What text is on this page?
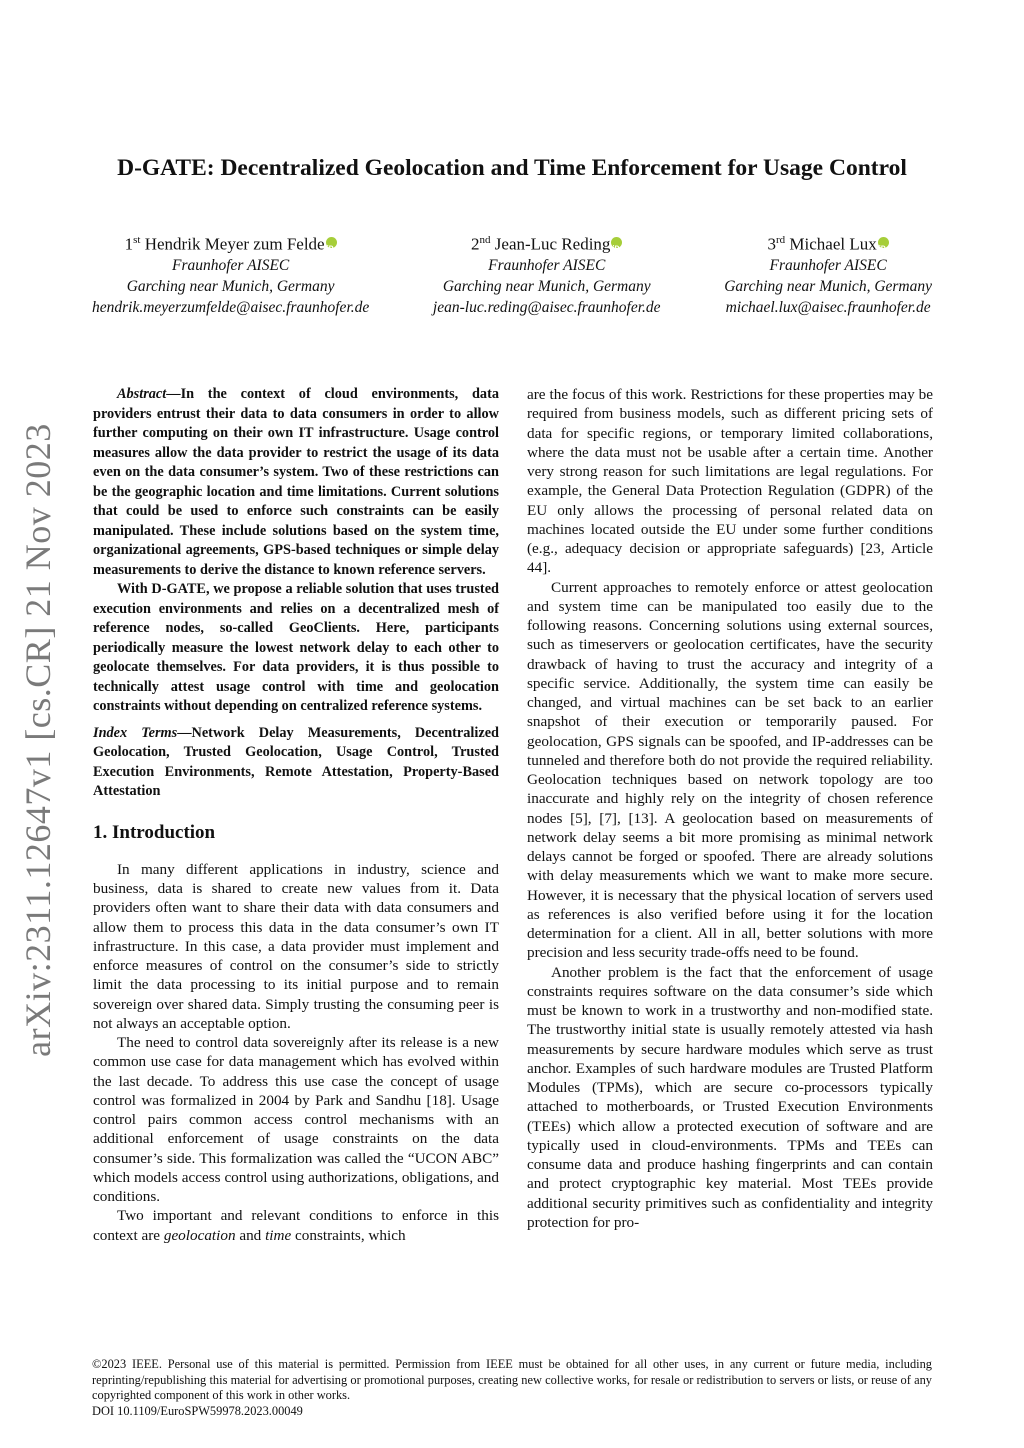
arXiv:2311.12647v1 [cs.CR] 21 Nov 2023
D-GATE: Decentralized Geolocation and Time Enforcement for Usage Control
1st Hendrik Meyer zum FeldeiD
Fraunhofer AISEC
Garching near Munich, Germany
hendrik.meyerzumfelde@aisec.fraunhofer.de
2nd Jean-Luc RedingiD
Fraunhofer AISEC
Garching near Munich, Germany
jean-luc.reding@aisec.fraunhofer.de
3rd Michael LuxiD
Fraunhofer AISEC
Garching near Munich, Germany
michael.lux@aisec.fraunhofer.de

Abstract—In the context of cloud environments, data providers entrust their data to data consumers in order to allow further computing on their own IT infrastructure. Usage control measures allow the data provider to restrict the usage of its data even on the data consumer’s system. Two of these restrictions can be the geographic location and time limitations. Current solutions that could be used to enforce such constraints can be easily manipulated. These include solutions based on the system time, organizational agreements, GPS-based techniques or simple delay measurements to derive the distance to known reference servers.

With D-GATE, we propose a reliable solution that uses trusted execution environments and relies on a decentralized mesh of reference nodes, so-called GeoClients. Here, participants periodically measure the lowest network delay to each other to geolocate themselves. For data providers, it is thus possible to technically attest usage control with time and geolocation constraints without depending on centralized reference systems.

Index Terms—Network Delay Measurements, Decentralized Geolocation, Trusted Geolocation, Usage Control, Trusted Execution Environments, Remote Attestation, Property-Based Attestation
1. Introduction

In many different applications in industry, science and business, data is shared to create new values from it. Data providers often want to share their data with data consumers and allow them to process this data in the data consumer’s own IT infrastructure. In this case, a data provider must implement and enforce measures of control on the consumer’s side to strictly limit the data processing to its initial purpose and to remain sovereign over shared data. Simply trusting the consuming peer is not always an acceptable option.

The need to control data sovereignly after its release is a new common use case for data management which has evolved within the last decade. To address this use case the concept of usage control was formalized in 2004 by Park and Sandhu [18]. Usage control pairs common access control mechanisms with an additional enforcement of usage constraints on the data consumer’s side. This formalization was called the “UCON ABC” which models access control using authorizations, obligations, and conditions.

Two important and relevant conditions to enforce in this context are geolocation and time constraints, which

are the focus of this work. Restrictions for these properties may be required from business models, such as different pricing sets of data for specific regions, or temporary limited collaborations, where the data must not be usable after a certain time. Another very strong reason for such limitations are legal regulations. For example, the General Data Protection Regulation (GDPR) of the EU only allows the processing of personal related data on machines located outside the EU under some further conditions (e.g., adequacy decision or appropriate safeguards) [23, Article 44].

Current approaches to remotely enforce or attest geolocation and system time can be manipulated too easily due to the following reasons. Concerning solutions using external sources, such as timeservers or geolocation certificates, have the security drawback of having to trust the accuracy and integrity of a specific service. Additionally, the system time can easily be changed, and virtual machines can be set back to an earlier snapshot of their execution or temporarily paused. For geolocation, GPS signals can be spoofed, and IP-addresses can be tunneled and therefore both do not provide the required reliability. Geolocation techniques based on network topology are too inaccurate and highly rely on the integrity of chosen reference nodes [5], [7], [13]. A geolocation based on measurements of network delay seems a bit more promising as minimal network delays cannot be forged or spoofed. There are already solutions with delay measurements which we want to make more secure. However, it is necessary that the physical location of servers used as references is also verified before using it for the location determination for a client. All in all, better solutions with more precision and less security trade-offs need to be found.

Another problem is the fact that the enforcement of usage constraints requires software on the data consumer’s side which must be known to work in a trustworthy and non-modified state. The trustworthy initial state is usually remotely attested via hash measurements by secure hardware modules which serve as trust anchor. Examples of such hardware modules are Trusted Platform Modules (TPMs), which are secure co-processors typically attached to motherboards, or Trusted Execution Environments (TEEs) which allow a protected execution of software and are typically used in cloud-environments. TPMs and TEEs can consume data and produce hashing fingerprints and can contain and protect cryptographic key material. Most TEEs provide additional security primitives such as confidentiality and integrity protection for pro-

©2023 IEEE. Personal use of this material is permitted. Permission from IEEE must be obtained for all other uses, in any current or future media, including reprinting/republishing this material for advertising or promotional purposes, creating new collective works, for resale or redistribution to servers or lists, or reuse of any copyrighted component of this work in other works.

DOI 10.1109/EuroSPW59978.2023.00049
